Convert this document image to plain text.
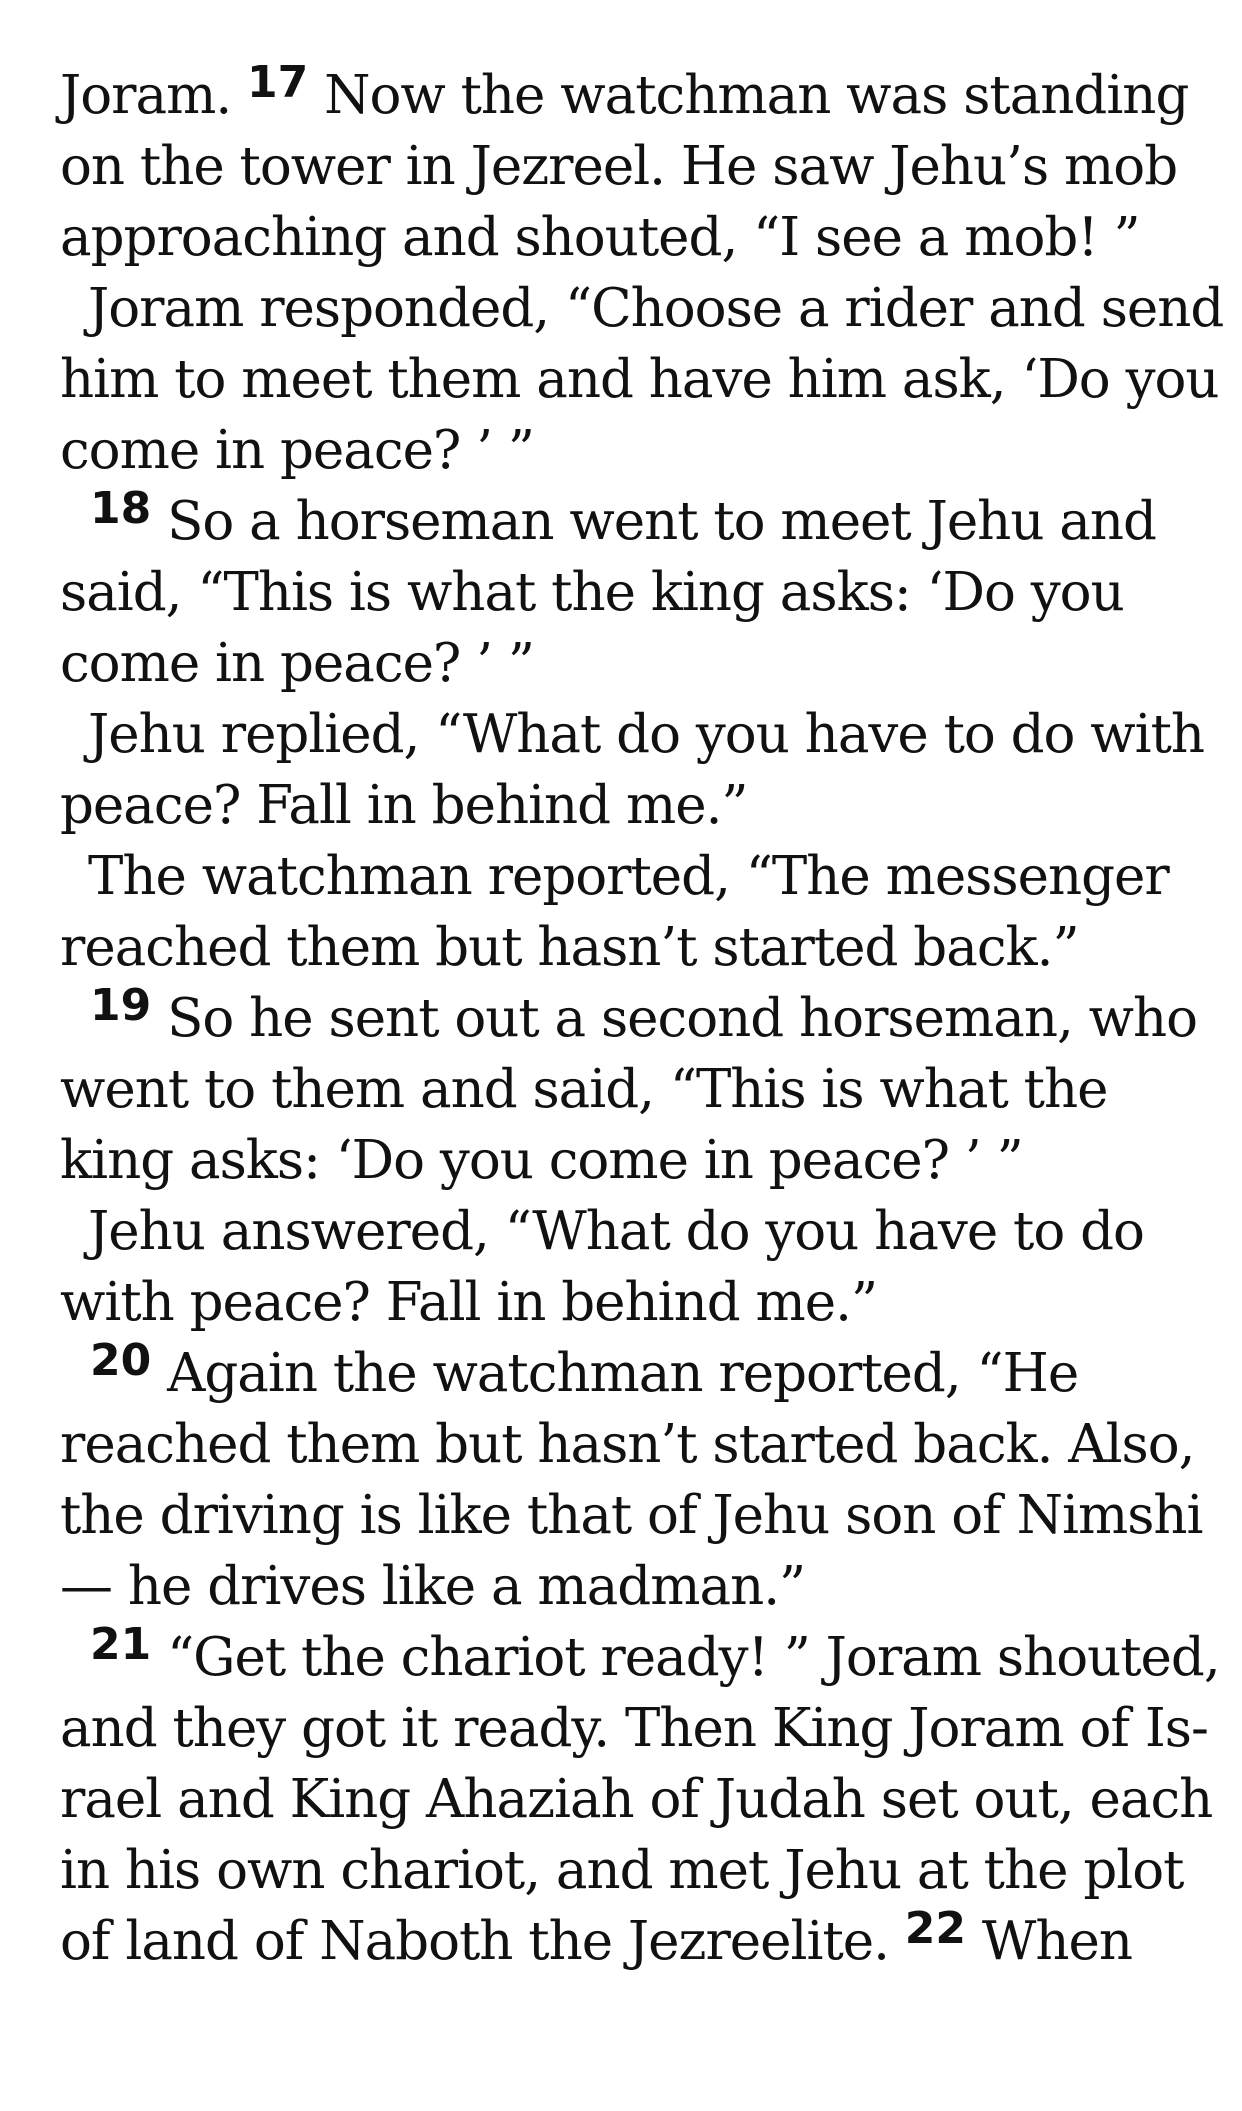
Joram. $^{17}$ Now the watchman was standing
on the tower in Jezreel. He saw Jehu’s mob
approaching and shouted, “I see a mob! ”
Joram responded, “Choose a rider and send
him to meet them and have him ask, ‘Do you
come in peace? ’ ”
$^{18}$ So a horseman went to meet Jehu and
said, “This is what the king asks: ‘Do you
come in peace? ’ ”
Jehu replied, “What do you have to do with
peace? Fall in behind me.”
The watchman reported, “The messenger
reached them but hasn’t started back.”
$^{19}$ So he sent out a second horseman, who
went to them and said, “This is what the
king asks: ‘Do you come in peace? ’ ”
Jehu answered, “What do you have to do
with peace? Fall in behind me.”
$^{20}$ Again the watchman reported, “He
reached them but hasn’t started back. Also,
the driving is like that of Jehu son of Nimshi
— he drives like a madman.”
$^{21}$ “Get the chariot ready! ” Joram shouted,
and they got it ready. Then King Joram of Is-
rael and King Ahaziah of Judah set out, each
in his own chariot, and met Jehu at the plot
of land of Naboth the Jezreelite. $^{22}$ When
